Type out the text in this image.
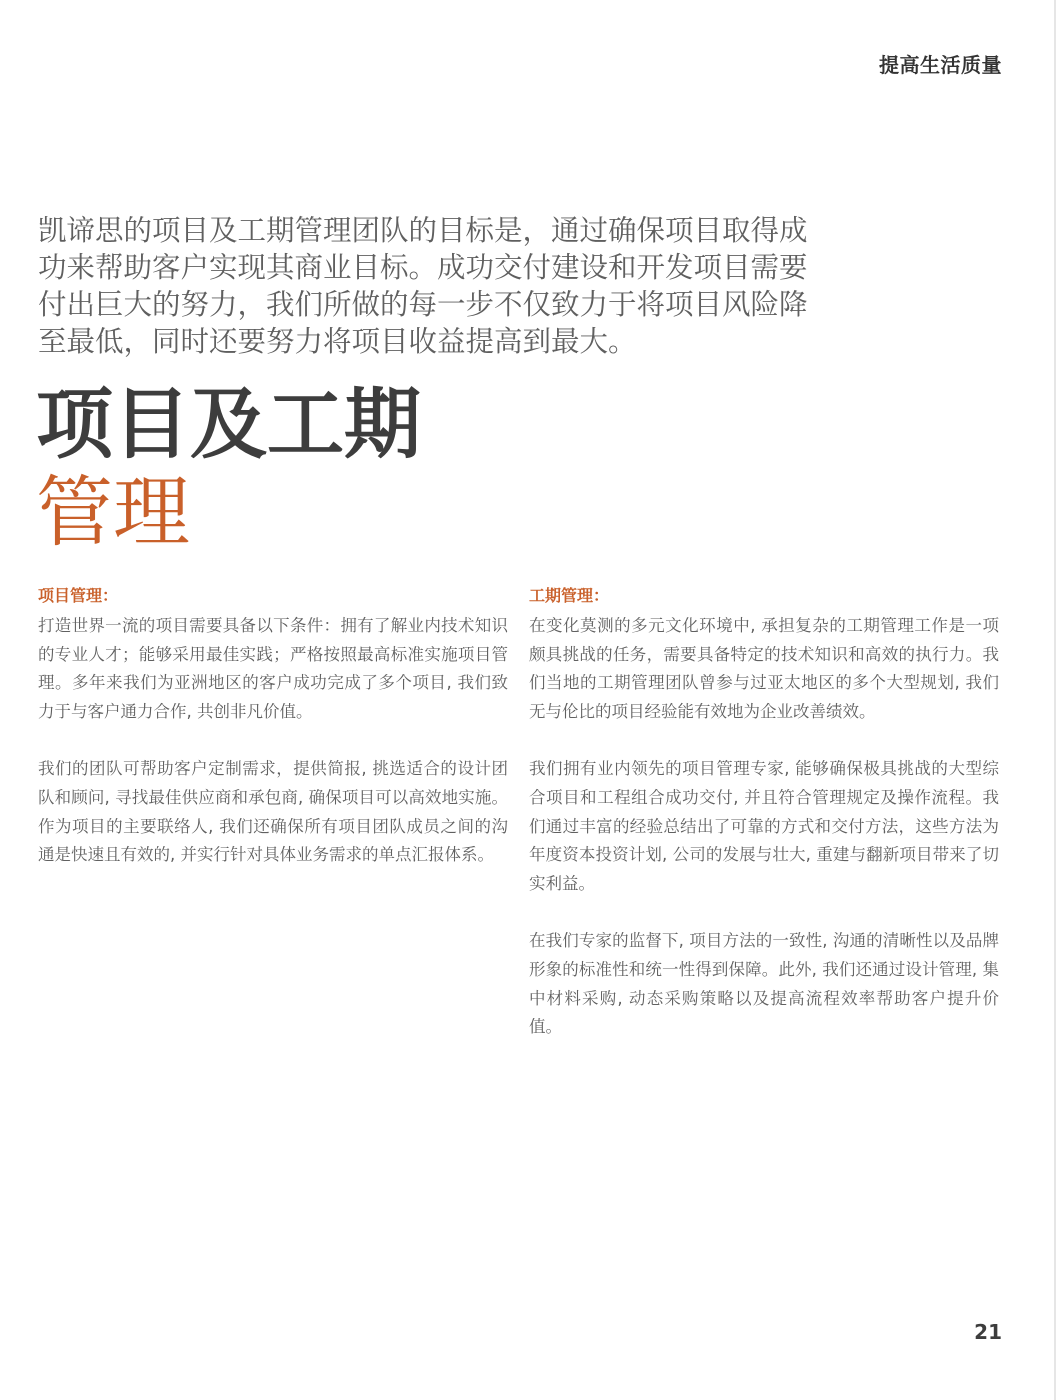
提高生活质量

凯谛思的项目及工期管理团队的目标是，通过确保项目取得成功来帮助客户实现其商业目标。成功交付建设和开发项目需要付出巨大的努力，我们所做的每一步不仅致力于将项目风险降至最低，同时还要努力将项目收益提高到最大。

项目及工期
管理
项目管理：

打造世界一流的项目需要具备以下条件：拥有了解业内技术知识的专业人才；能够采用最佳实践；严格按照最高标准实施项目管理。多年来我们为亚洲地区的客户成功完成了多个项目, 我们致力于与客户通力合作, 共创非凡价值。

我们的团队可帮助客户定制需求，提供简报, 挑选适合的设计团队和顾问, 寻找最佳供应商和承包商, 确保项目可以高效地实施。作为项目的主要联络人, 我们还确保所有项目团队成员之间的沟通是快速且有效的, 并实行针对具体业务需求的单点汇报体系。

工期管理：

在变化莫测的多元文化环境中, 承担复杂的工期管理工作是一项颇具挑战的任务，需要具备特定的技术知识和高效的执行力。我们当地的工期管理团队曾参与过亚太地区的多个大型规划, 我们无与伦比的项目经验能有效地为企业改善绩效。

我们拥有业内领先的项目管理专家, 能够确保极具挑战的大型综合项目和工程组合成功交付, 并且符合管理规定及操作流程。我们通过丰富的经验总结出了可靠的方式和交付方法，这些方法为年度资本投资计划, 公司的发展与壮大, 重建与翻新项目带来了切实利益。

在我们专家的监督下, 项目方法的一致性, 沟通的清晰性以及品牌形象的标准性和统一性得到保障。此外, 我们还通过设计管理, 集中材料采购, 动态采购策略以及提高流程效率帮助客户提升价值。

21
